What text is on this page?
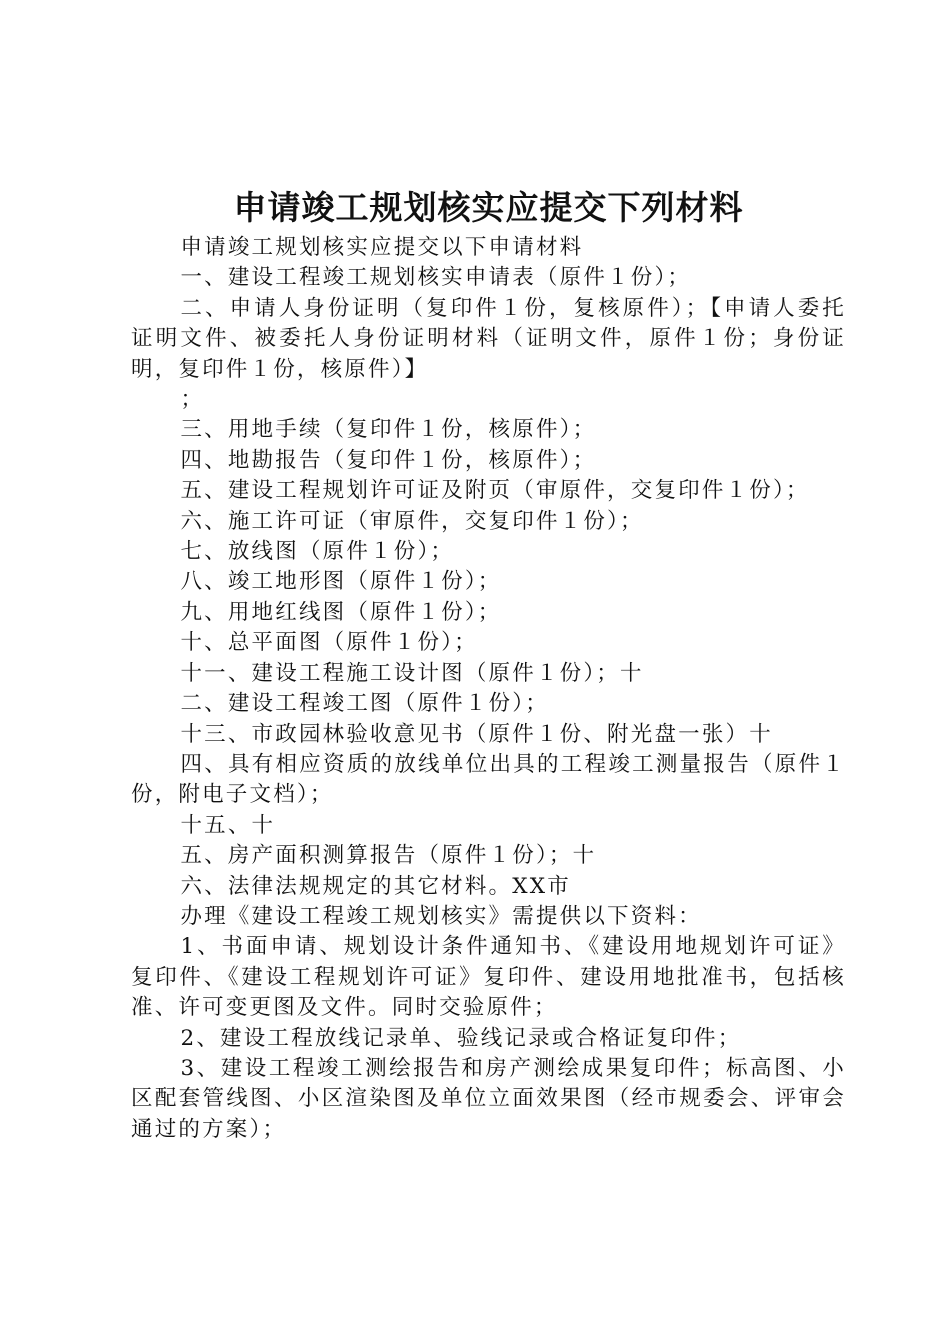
申请竣工规划核实应提交下列材料

申请竣工规划核实应提交以下申请材料

一、建设工程竣工规划核实申请表（原件１份）；

二、申请人身份证明（复印件１份，复核原件）；【申请人委托证明文件、被委托人身份证明材料（证明文件，原件１份；身份证明，复印件１份，核原件）】

；

三、用地手续（复印件１份，核原件）；

四、地勘报告（复印件１份，核原件）；

五、建设工程规划许可证及附页（审原件，交复印件１份）；

六、施工许可证（审原件，交复印件１份）；

七、放线图（原件１份）；

八、竣工地形图（原件１份）；

九、用地红线图（原件１份）；

十、总平面图（原件１份）；

十一、建设工程施工设计图（原件１份）；十

二、建设工程竣工图（原件１份）；

十三、市政园林验收意见书（原件１份、附光盘一张）十

四、具有相应资质的放线单位出具的工程竣工测量报告（原件１份，附电子文档）；

十五、十

五、房产面积测算报告（原件１份）；十

六、法律法规规定的其它材料。XX市

办理《建设工程竣工规划核实》需提供以下资料：

1、书面申请、规划设计条件通知书、《建设用地规划许可证》复印件、《建设工程规划许可证》复印件、建设用地批准书，包括核准、许可变更图及文件。同时交验原件；

2、建设工程放线记录单、验线记录或合格证复印件；

3、建设工程竣工测绘报告和房产测绘成果复印件；标高图、小区配套管线图、小区渲染图及单位立面效果图（经市规委会、评审会通过的方案）；
